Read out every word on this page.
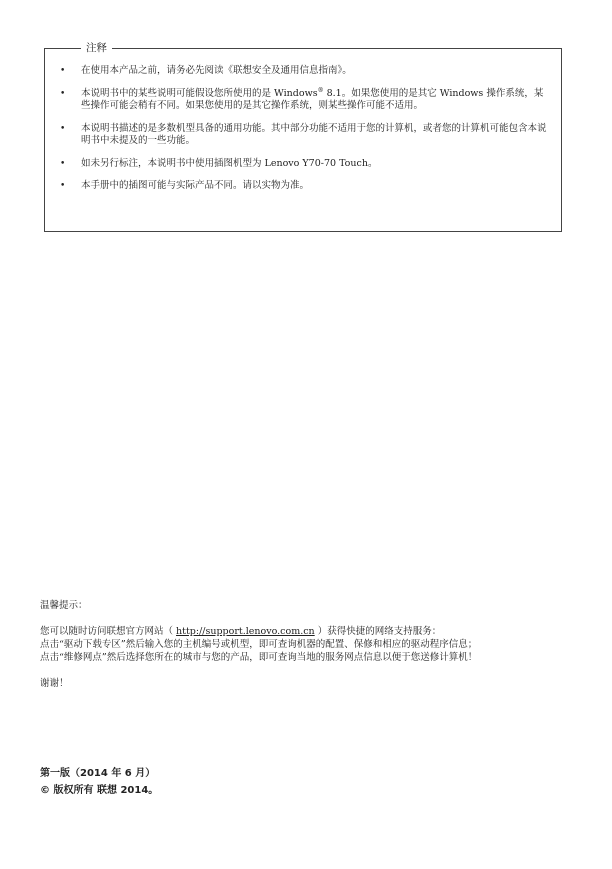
注释
• 在使用本产品之前，请务必先阅读《联想安全及通用信息指南》。
• 本说明书中的某些说明可能假设您所使用的是 Windows® 8.1。如果您使用的是其它 Windows 操作系统，某些操作可能会稍有不同。如果您使用的是其它操作系统，则某些操作可能不适用。
• 本说明书描述的是多数机型具备的通用功能。其中部分功能不适用于您的计算机，或者您的计算机可能包含本说明书中未提及的一些功能。
• 如未另行标注，本说明书中使用插图机型为 Lenovo Y70-70 Touch。
• 本手册中的插图可能与实际产品不同。请以实物为准。

温馨提示：

您可以随时访问联想官方网站（ http://support.lenovo.com.cn ）获得快捷的网络支持服务：

点击“驱动下载专区”然后输入您的主机编号或机型，即可查询机器的配置、保修和相应的驱动程序信息；

点击“维修网点”然后选择您所在的城市与您的产品，即可查询当地的服务网点信息以便于您送修计算机！

谢谢！

第一版（2014 年 6 月）
© 版权所有 联想 2014。
